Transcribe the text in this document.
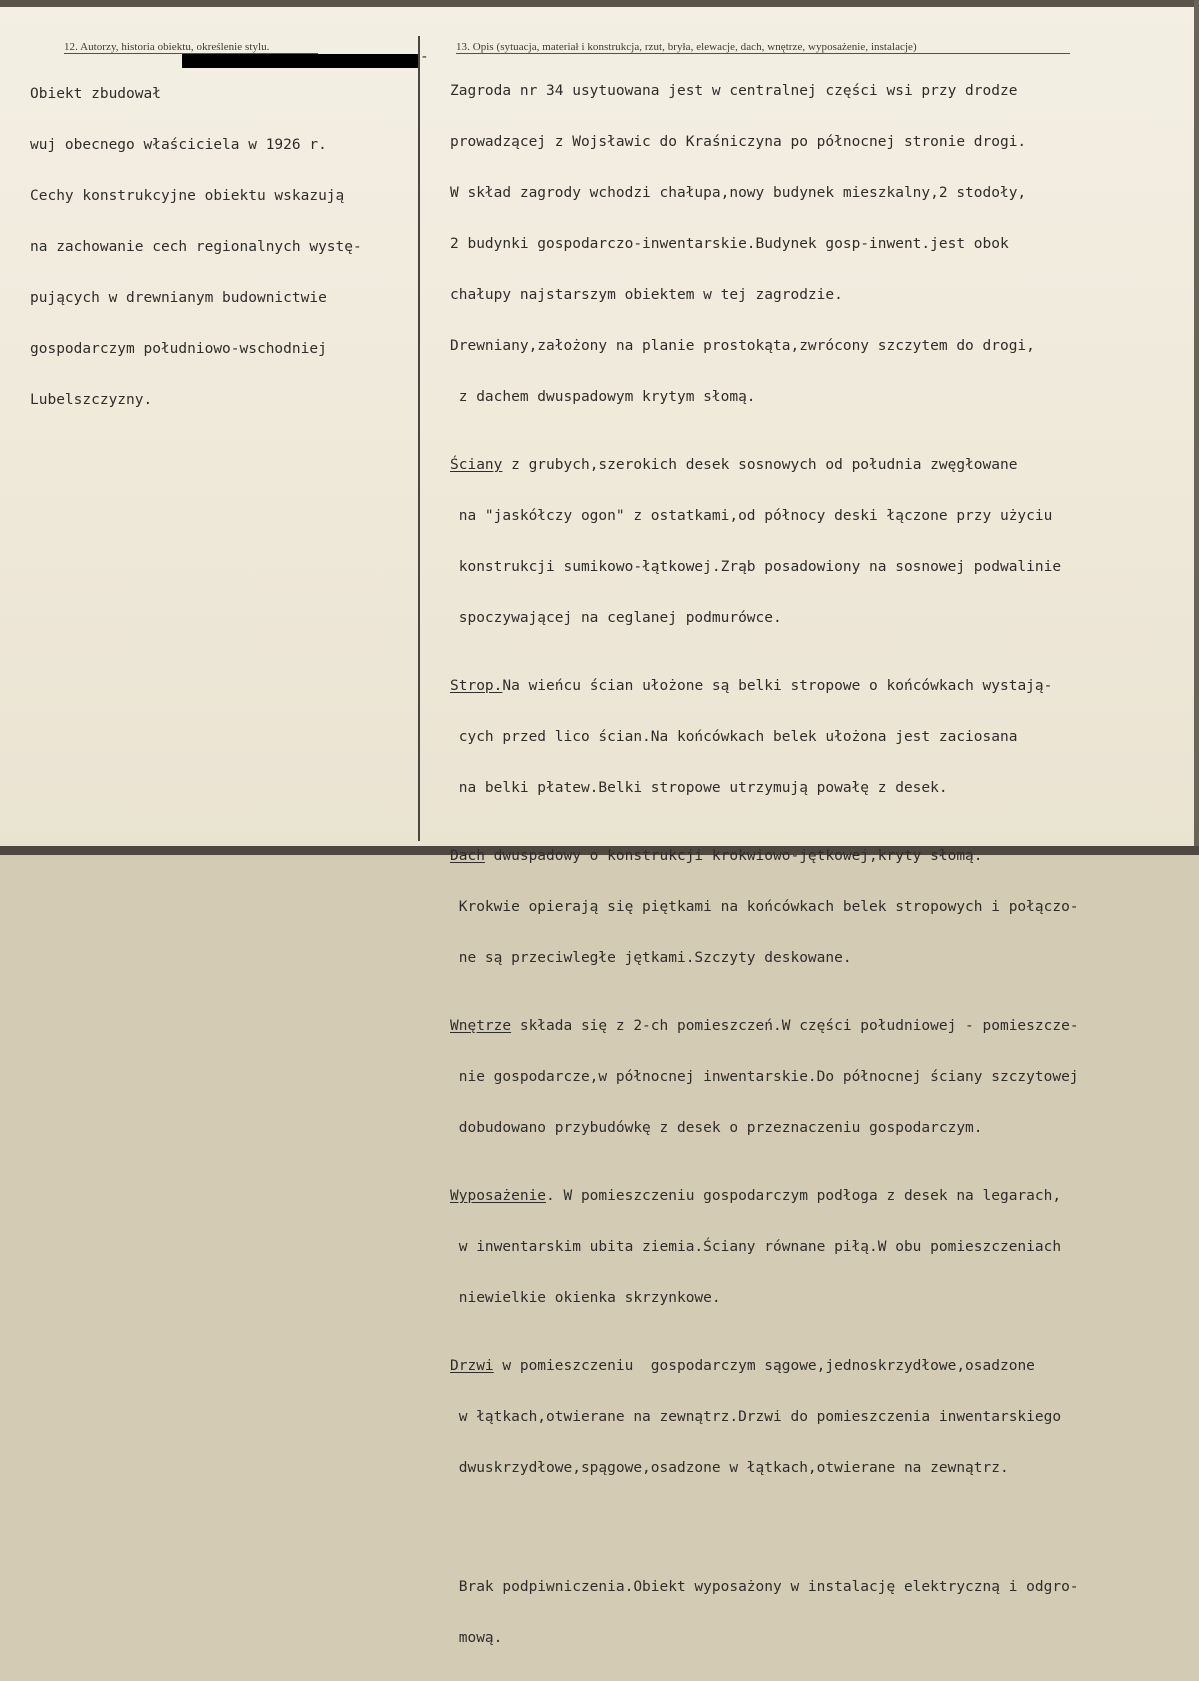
12. Autorzy, historia obiektu, określenie stylu.	13. Opis (sytuacja, materiał i konstrukcja, rzut, bryła, elewacje, dach, wnętrze, wyposażenie, instalacje)

Obiekt zbudował

wuj obecnego właściciela w 1926 r.

Cechy konstrukcyjne obiektu wskazują

na zachowanie cech regionalnych wystę-

pujących w drewnianym budownictwie

gospodarczym południowo-wschodniej

Lubelszczyzny.

-

Zagroda nr 34 usytuowana jest w centralnej części wsi przy drodze

prowadzącej z Wojsławic do Kraśniczyna po północnej stronie drogi.

W skład zagrody wchodzi chałupa,nowy budynek mieszkalny,2 stodoły,

2 budynki gospodarczo-inwentarskie.Budynek gosp-inwent.jest obok

chałupy najstarszym obiektem w tej zagrodzie.

Drewniany,założony na planie prostokąta,zwrócony szczytem do drogi,

z dachem dwuspadowym krytym słomą.

Ściany z grubych,szerokich desek sosnowych od południa zwęgłowane

na "jaskółczy ogon" z ostatkami,od północy deski łączone przy użyciu

konstrukcji sumikowo-łątkowej.Zrąb posadowiony na sosnowej podwalinie

spoczywającej na ceglanej podmurówce.

Strop.Na wieńcu ścian ułożone są belki stropowe o końcówkach wystają-

cych przed lico ścian.Na końcówkach belek ułożona jest zaciosana

na belki płatew.Belki stropowe utrzymują powałę z desek.

Dach dwuspadowy o konstrukcji krokwiowo-jętkowej,kryty słomą.

Krokwie opierają się piętkami na końcówkach belek stropowych i połączo-

ne są przeciwległe jętkami.Szczyty deskowane.

Wnętrze składa się z 2-ch pomieszczeń.W części południowej - pomieszcze-

nie gospodarcze,w północnej inwentarskie.Do północnej ściany szczytowej

dobudowano przybudówkę z desek o przeznaczeniu gospodarczym.

Wyposażenie. W pomieszczeniu gospodarczym podłoga z desek na legarach,

w inwentarskim ubita ziemia.Ściany równane piłą.W obu pomieszczeniach

niewielkie okienka skrzynkowe.

Drzwi w pomieszczeniu  gospodarczym sągowe,jednoskrzydłowe,osadzone

w łątkach,otwierane na zewnątrz.Drzwi do pomieszczenia inwentarskiego

dwuskrzydłowe,spągowe,osadzone w łątkach,otwierane na zewnątrz.

Brak podpiwniczenia.Obiekt wyposażony w instalację elektryczną i odgro-

mową.
